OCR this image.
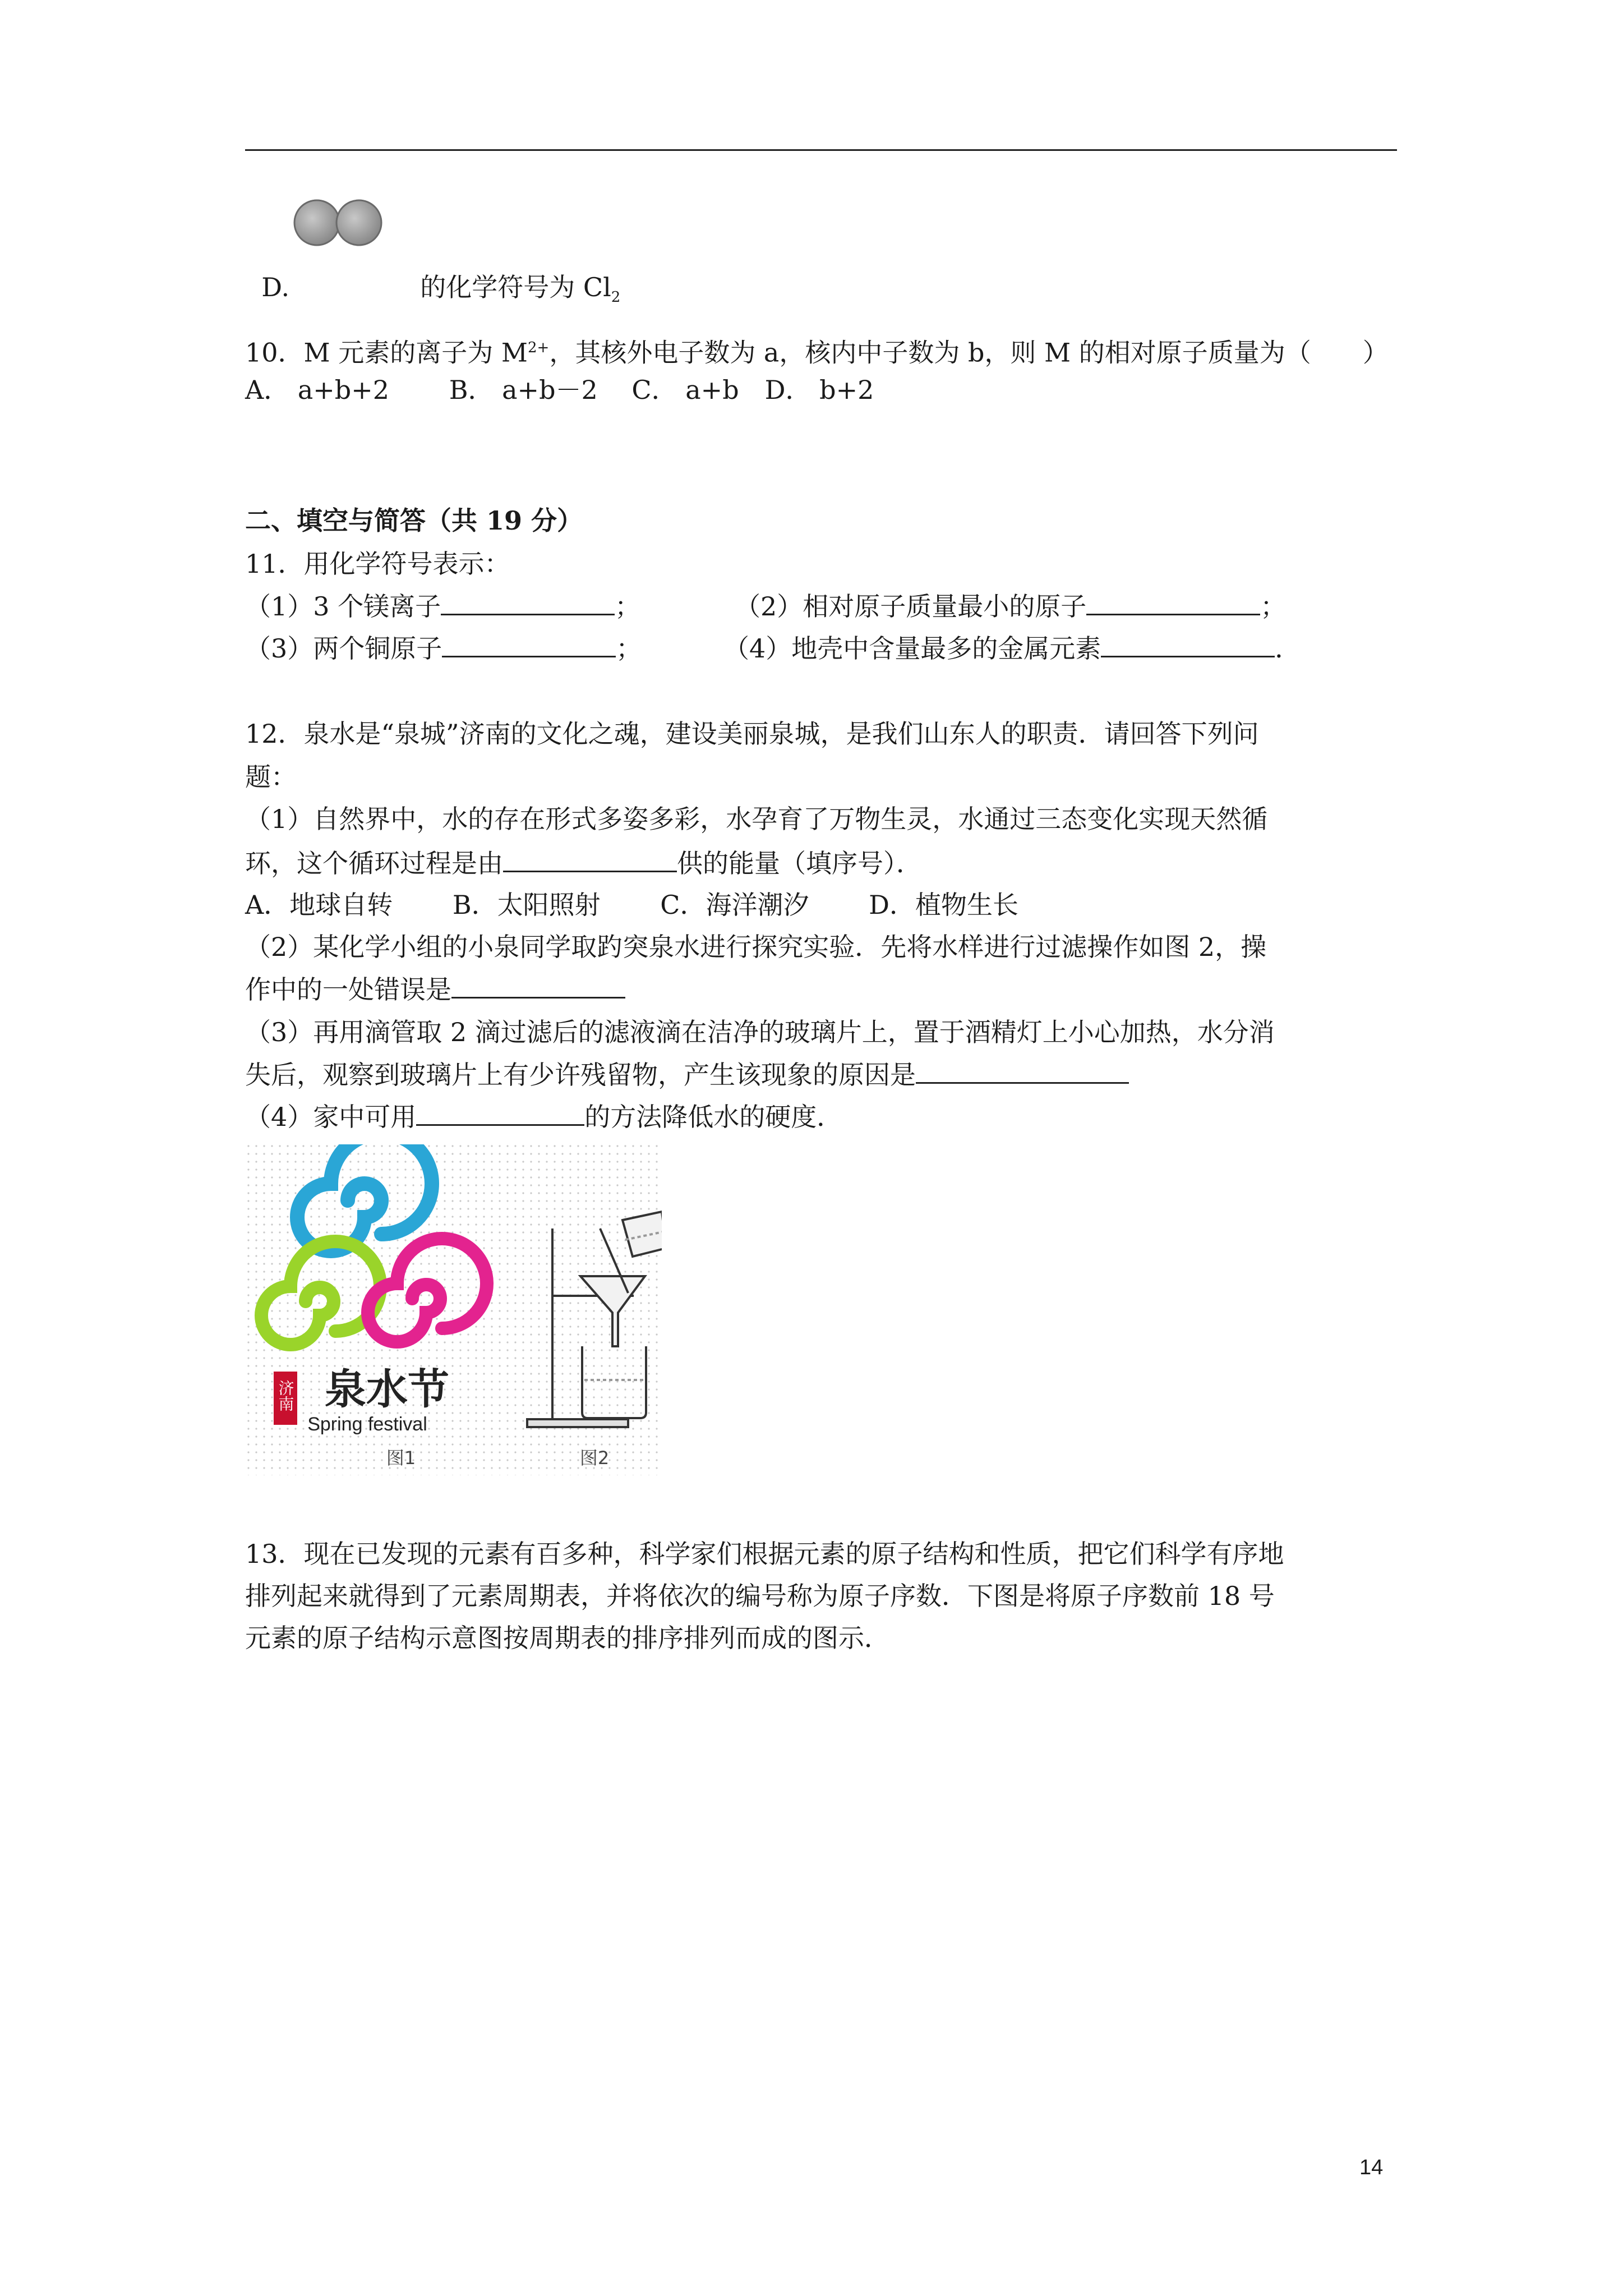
D.	的化学符号为 $Cl_2$

10．M 元素的离子为 $M^{2+}$，其核外电子数为 a，核内中子数为 b，则 M 的相对原子质量为（　　）
A． a+b+2　　 B． a+b－2　 C． a+b　D． b+2
二、填空与简答（共 19 分）
11．用化学符号表示：
（1）3 个镁离子	；	（2）相对原子质量最小的原子	；
（3）两个铜原子	；	（4）地壳中含量最多的金属元素	．
12．泉水是“泉城”济南的文化之魂，建设美丽泉城，是我们山东人的职责．请回答下列问
题：
（1）自然界中，水的存在形式多姿多彩，水孕育了万物生灵，水通过三态变化实现天然循
环，这个循环过程是由	供的能量（填序号）．
A．地球自转　　 B．太阳照射　　 C．海洋潮汐　　 D．植物生长
（2）某化学小组的小泉同学取趵突泉水进行探究实验．先将水样进行过滤操作如图 2，操
作中的一处错误是
（3）再用滴管取 2 滴过滤后的滤液滴在洁净的玻璃片上，置于酒精灯上小心加热，水分消
失后，观察到玻璃片上有少许残留物，产生该现象的原因是
（4）家中可用	的方法降低水的硬度．
济南 泉水节
Spring festival
图1	图2
13．现在已发现的元素有百多种，科学家们根据元素的原子结构和性质，把它们科学有序地
排列起来就得到了元素周期表，并将依次的编号称为原子序数．下图是将原子序数前 18 号
元素的原子结构示意图按周期表的排序排列而成的图示．
14
